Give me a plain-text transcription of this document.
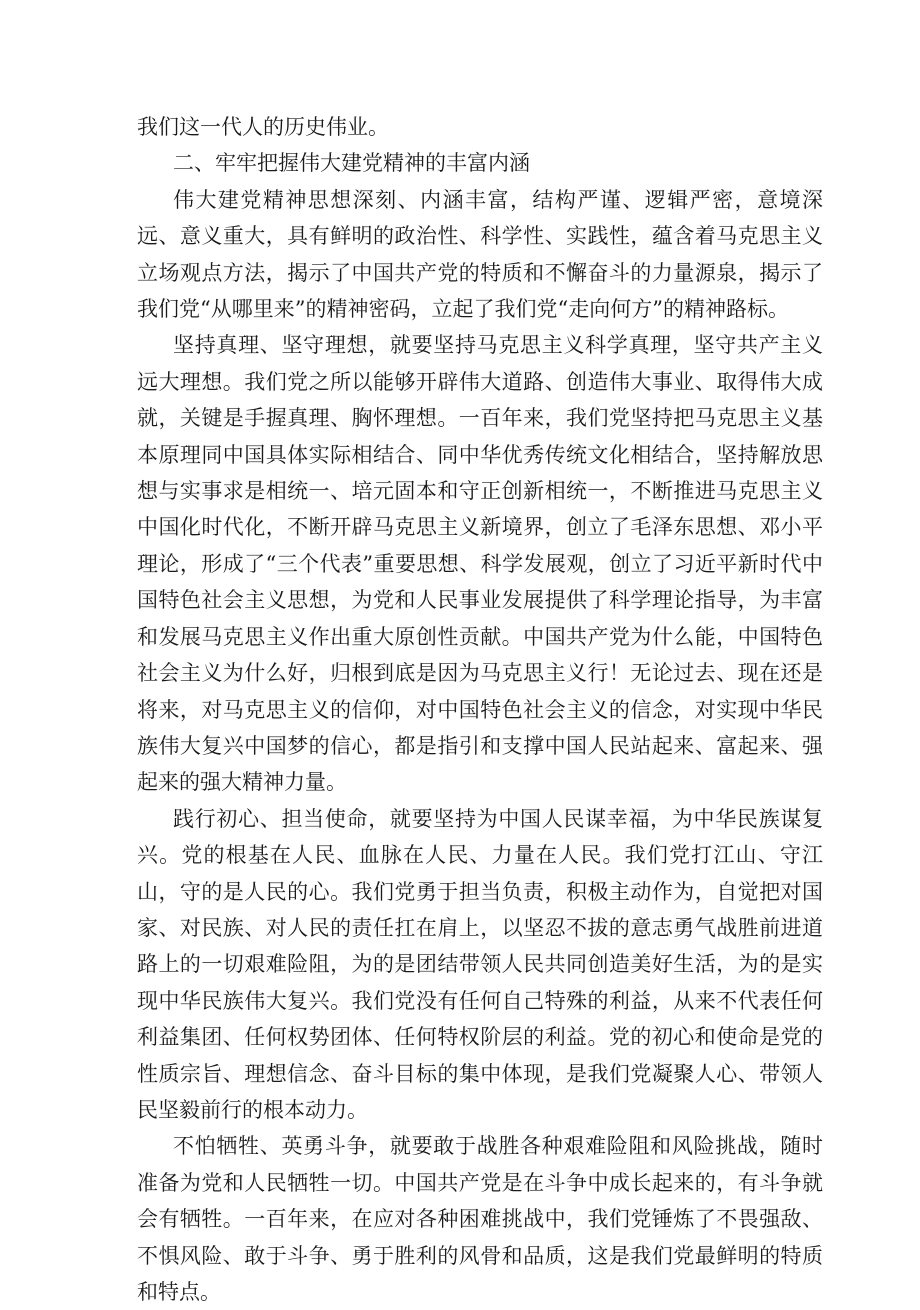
我们这一代人的历史伟业。

二、牢牢把握伟大建党精神的丰富内涵

伟大建党精神思想深刻、内涵丰富，结构严谨、逻辑严密，意境深远、意义重大，具有鲜明的政治性、科学性、实践性，蕴含着马克思主义立场观点方法，揭示了中国共产党的特质和不懈奋斗的力量源泉，揭示了我们党“从哪里来”的精神密码，立起了我们党“走向何方”的精神路标。

坚持真理、坚守理想，就要坚持马克思主义科学真理，坚守共产主义远大理想。我们党之所以能够开辟伟大道路、创造伟大事业、取得伟大成就，关键是手握真理、胸怀理想。一百年来，我们党坚持把马克思主义基本原理同中国具体实际相结合、同中华优秀传统文化相结合，坚持解放思想与实事求是相统一、培元固本和守正创新相统一，不断推进马克思主义中国化时代化，不断开辟马克思主义新境界，创立了毛泽东思想、邓小平理论，形成了“三个代表”重要思想、科学发展观，创立了习近平新时代中国特色社会主义思想，为党和人民事业发展提供了科学理论指导，为丰富和发展马克思主义作出重大原创性贡献。中国共产党为什么能，中国特色社会主义为什么好，归根到底是因为马克思主义行！无论过去、现在还是将来，对马克思主义的信仰，对中国特色社会主义的信念，对实现中华民族伟大复兴中国梦的信心，都是指引和支撑中国人民站起来、富起来、强起来的强大精神力量。

践行初心、担当使命，就要坚持为中国人民谋幸福，为中华民族谋复兴。党的根基在人民、血脉在人民、力量在人民。我们党打江山、守江山，守的是人民的心。我们党勇于担当负责，积极主动作为，自觉把对国家、对民族、对人民的责任扛在肩上，以坚忍不拔的意志勇气战胜前进道路上的一切艰难险阻，为的是团结带领人民共同创造美好生活，为的是实现中华民族伟大复兴。我们党没有任何自己特殊的利益，从来不代表任何利益集团、任何权势团体、任何特权阶层的利益。党的初心和使命是党的性质宗旨、理想信念、奋斗目标的集中体现，是我们党凝聚人心、带领人民坚毅前行的根本动力。

不怕牺牲、英勇斗争，就要敢于战胜各种艰难险阻和风险挑战，随时准备为党和人民牺牲一切。中国共产党是在斗争中成长起来的，有斗争就会有牺牲。一百年来，在应对各种困难挑战中，我们党锤炼了不畏强敌、不惧风险、敢于斗争、勇于胜利的风骨和品质，这是我们党最鲜明的特质和特点。
